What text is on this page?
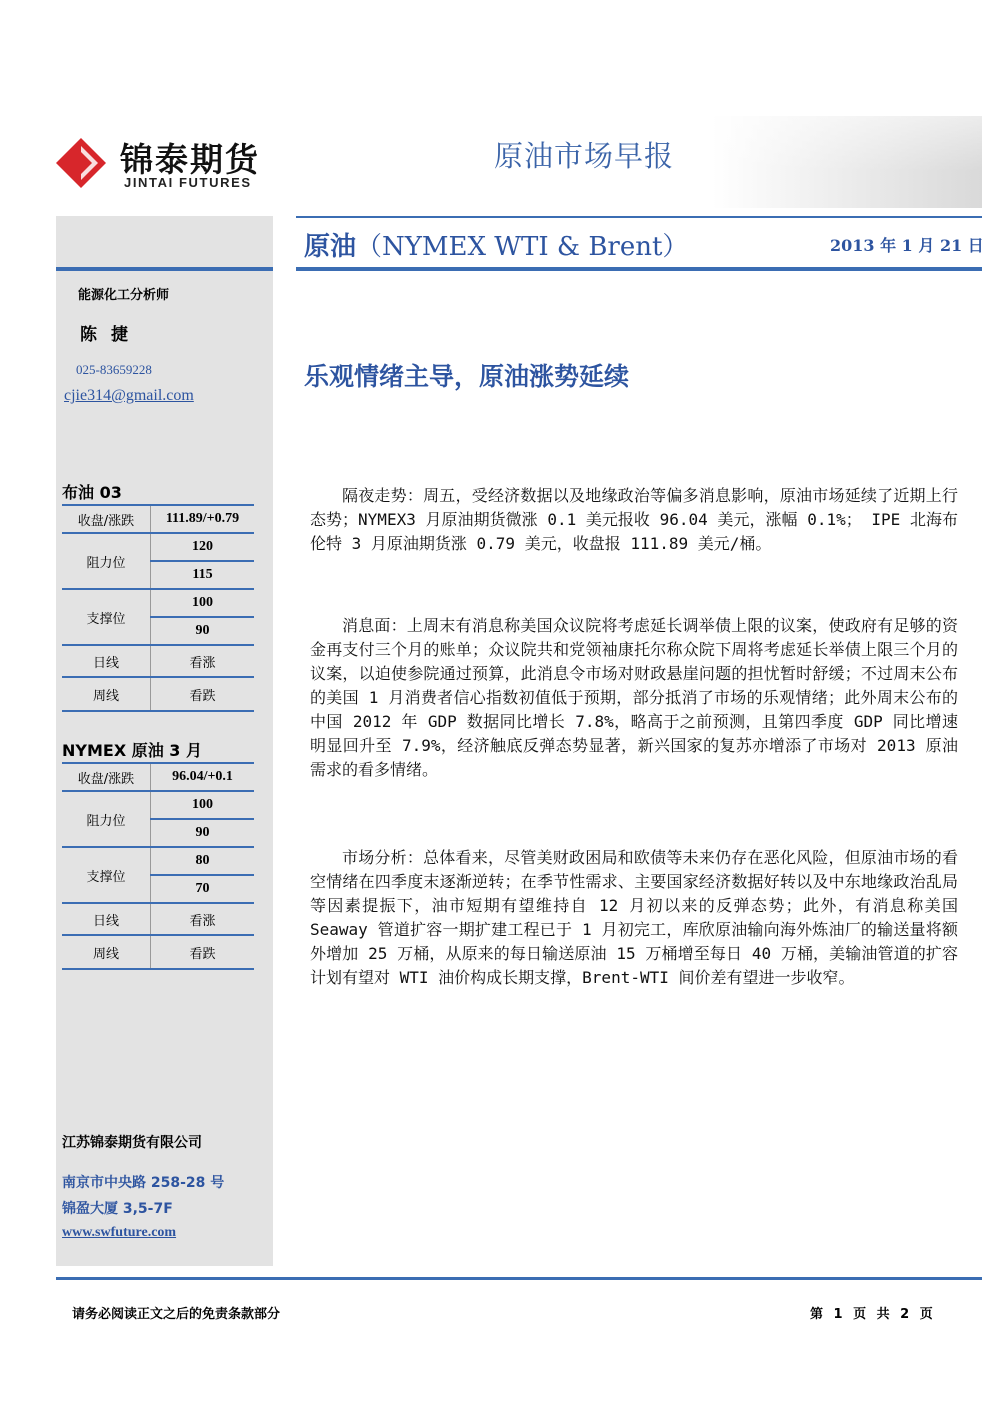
锦泰期货
JINTAI FUTURES
原油市场早报
原油（NYMEX WTI & Brent）	2013 年 1 月 21 日
能源化工分析师
陈捷
025-83659228
cjie314@gmail.com
乐观情绪主导，原油涨势延续
布油 03
收盘/涨跌	111.89/+0.79
阻力位	120
	115
支撑位	100
	90
日线	看涨
周线	看跌
NYMEX 原油 3 月
收盘/涨跌	96.04/+0.1
阻力位	100
	90
支撑位	80
	70
日线	看涨
周线	看跌

隔夜走势：周五，受经济数据以及地缘政治等偏多消息影响，原油市场延续了近期上行态势；NYMEX3 月原油期货微涨 0.1 美元报收 96.04 美元，涨幅 0.1%； IPE 北海布伦特 3 月原油期货涨 0.79 美元，收盘报 111.89 美元/桶。

消息面：上周末有消息称美国众议院将考虑延长调举债上限的议案，使政府有足够的资金再支付三个月的账单；众议院共和党领袖康托尔称众院下周将考虑延长举债上限三个月的议案，以迫使参院通过预算，此消息令市场对财政悬崖问题的担忧暂时舒缓；不过周末公布的美国 1 月消费者信心指数初值低于预期，部分抵消了市场的乐观情绪；此外周末公布的中国 2012 年 GDP 数据同比增长 7.8%，略高于之前预测，且第四季度 GDP 同比增速明显回升至 7.9%，经济触底反弹态势显著，新兴国家的复苏亦增添了市场对 2013 原油需求的看多情绪。

市场分析：总体看来，尽管美财政困局和欧债等未来仍存在恶化风险，但原油市场的看空情绪在四季度末逐渐逆转；在季节性需求、主要国家经济数据好转以及中东地缘政治乱局等因素提振下，油市短期有望维持自 12 月初以来的反弹态势；此外，有消息称美国 Seaway 管道扩容一期扩建工程已于 1 月初完工，库欣原油输向海外炼油厂的输送量将额外增加 25 万桶，从原来的每日输送原油 15 万桶增至每日 40 万桶，美输油管道的扩容计划有望对 WTI 油价构成长期支撑，Brent-WTI 间价差有望进一步收窄。

江苏锦泰期货有限公司
南京市中央路 258-28 号
锦盈大厦 3,5-7F
www.swfuture.com
请务必阅读正文之后的免责条款部分	第 1 页 共 2 页
